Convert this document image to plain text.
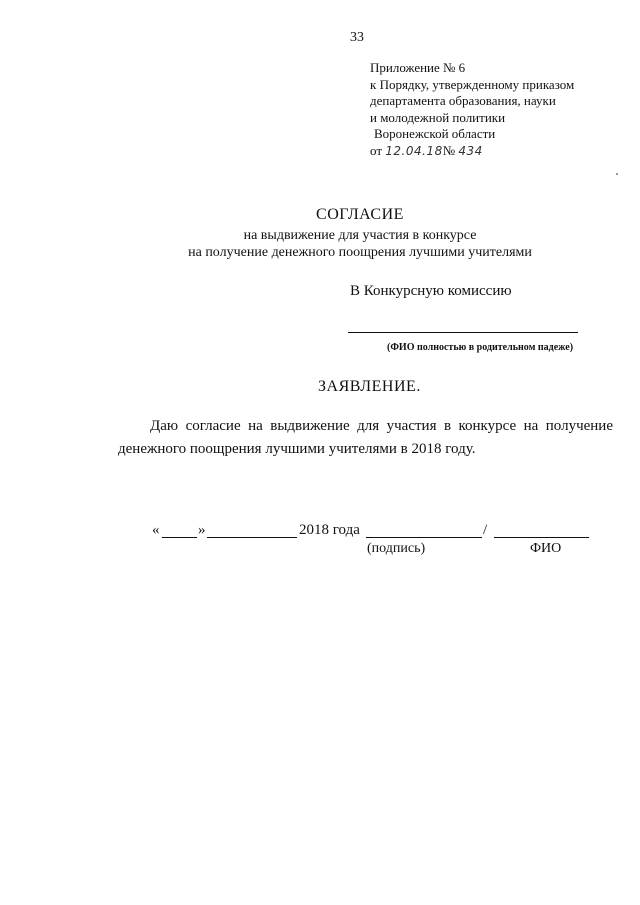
33
Приложение № 6
к Порядку, утвержденному приказом
департамента образования, науки
и молодежной политики
Воронежской области
от 12.04.18№ 434
СОГЛАСИЕ
на выдвижение для участия в конкурсе
на получение денежного поощрения лучшими учителями
В Конкурсную комиссию
(ФИО полностью в родительном падеже)
ЗАЯВЛЕНИЕ.
Даю согласие на выдвижение для участия в конкурсе на получение
денежного поощрения лучшими учителями в 2018 году.
«	»	2018 года	/
(подпись)	ФИО
